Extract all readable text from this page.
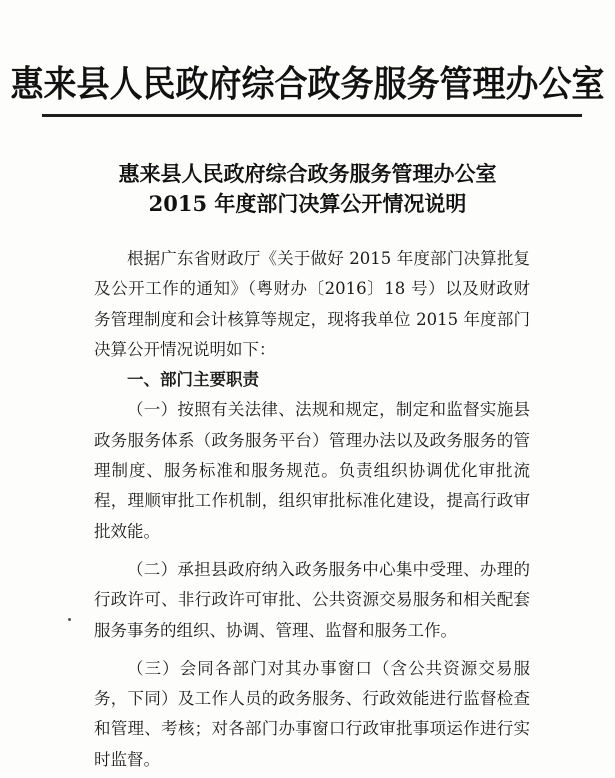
惠来县人民政府综合政务服务管理办公室
惠来县人民政府综合政务服务管理办公室
2015 年度部门决算公开情况说明

根据广东省财政厅《关于做好 2015 年度部门决算批复及公开工作的通知》（粤财办〔2016〕18 号）以及财政财务管理制度和会计核算等规定，现将我单位 2015 年度部门决算公开情况说明如下：

一、部门主要职责

（一）按照有关法律、法规和规定，制定和监督实施县政务服务体系（政务服务平台）管理办法以及政务服务的管理制度、服务标准和服务规范。负责组织协调优化审批流程，理顺审批工作机制，组织审批标准化建设，提高行政审批效能。

（二）承担县政府纳入政务服务中心集中受理、办理的行政许可、非行政许可审批、公共资源交易服务和相关配套服务事务的组织、协调、管理、监督和服务工作。

（三）会同各部门对其办事窗口（含公共资源交易服务，下同）及工作人员的政务服务、行政效能进行监督检查和管理、考核；对各部门办事窗口行政审批事项运作进行实时监督。
